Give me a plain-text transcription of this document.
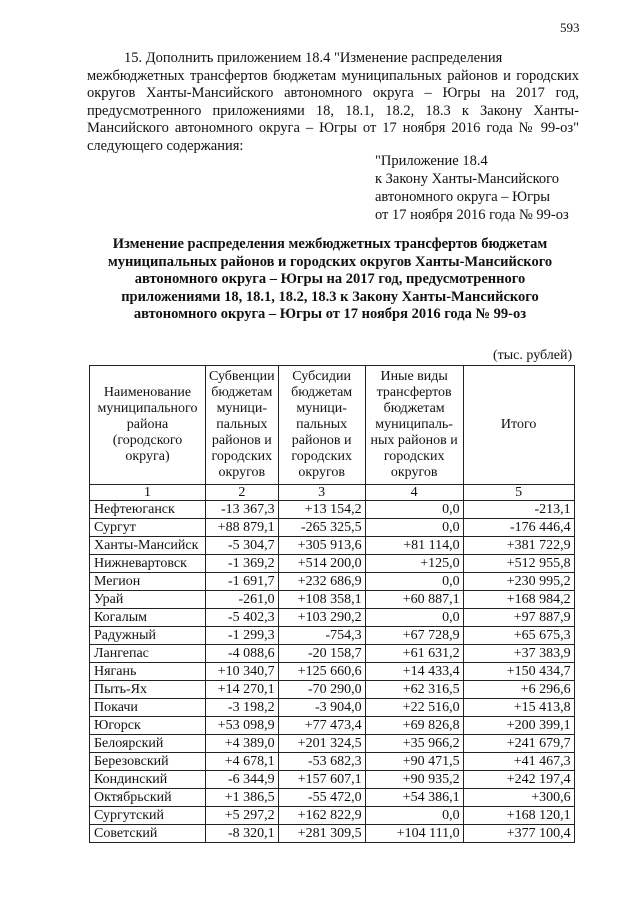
593
15. Дополнить приложением 18.4 "Изменение распределения
межбюджетных трансфертов бюджетам муниципальных районов и городских округов Ханты-Мансийского автономного округа – Югры на 2017 год, предусмотренного приложениями 18, 18.1, 18.2, 18.3 к Закону Ханты-Мансийского автономного округа – Югры от 17 ноября 2016 года № 99-оз" следующего содержания:
"Приложение 18.4
к Закону Ханты-Мансийского
автономного округа – Югры
от 17 ноября 2016 года № 99-оз
Изменение распределения межбюджетных трансфертов бюджетам муниципальных районов и городских округов Ханты-Мансийского автономного округа – Югры на 2017 год, предусмотренного приложениями 18, 18.1, 18.2, 18.3 к Закону Ханты-Мансийского автономного округа – Югры от 17 ноября 2016 года № 99-оз
(тыс. рублей)
Наименование муниципального района (городского округа)	Субвенции бюджетам муници-пальных районов и городских округов	Субсидии бюджетам муници-пальных районов и городских округов	Иные виды трансфертов бюджетам муниципаль-ных районов и городских округов	Итого
1	2	3	4	5
Нефтеюганск	-13 367,3	+13 154,2	0,0	-213,1
Сургут	+88 879,1	-265 325,5	0,0	-176 446,4
Ханты-Мансийск	-5 304,7	+305 913,6	+81 114,0	+381 722,9
Нижневартовск	-1 369,2	+514 200,0	+125,0	+512 955,8
Мегион	-1 691,7	+232 686,9	0,0	+230 995,2
Урай	-261,0	+108 358,1	+60 887,1	+168 984,2
Когалым	-5 402,3	+103 290,2	0,0	+97 887,9
Радужный	-1 299,3	-754,3	+67 728,9	+65 675,3
Лангепас	-4 088,6	-20 158,7	+61 631,2	+37 383,9
Нягань	+10 340,7	+125 660,6	+14 433,4	+150 434,7
Пыть-Ях	+14 270,1	-70 290,0	+62 316,5	+6 296,6
Покачи	-3 198,2	-3 904,0	+22 516,0	+15 413,8
Югорск	+53 098,9	+77 473,4	+69 826,8	+200 399,1
Белоярский	+4 389,0	+201 324,5	+35 966,2	+241 679,7
Березовский	+4 678,1	-53 682,3	+90 471,5	+41 467,3
Кондинский	-6 344,9	+157 607,1	+90 935,2	+242 197,4
Октябрьский	+1 386,5	-55 472,0	+54 386,1	+300,6
Сургутский	+5 297,2	+162 822,9	0,0	+168 120,1
Советский	-8 320,1	+281 309,5	+104 111,0	+377 100,4
